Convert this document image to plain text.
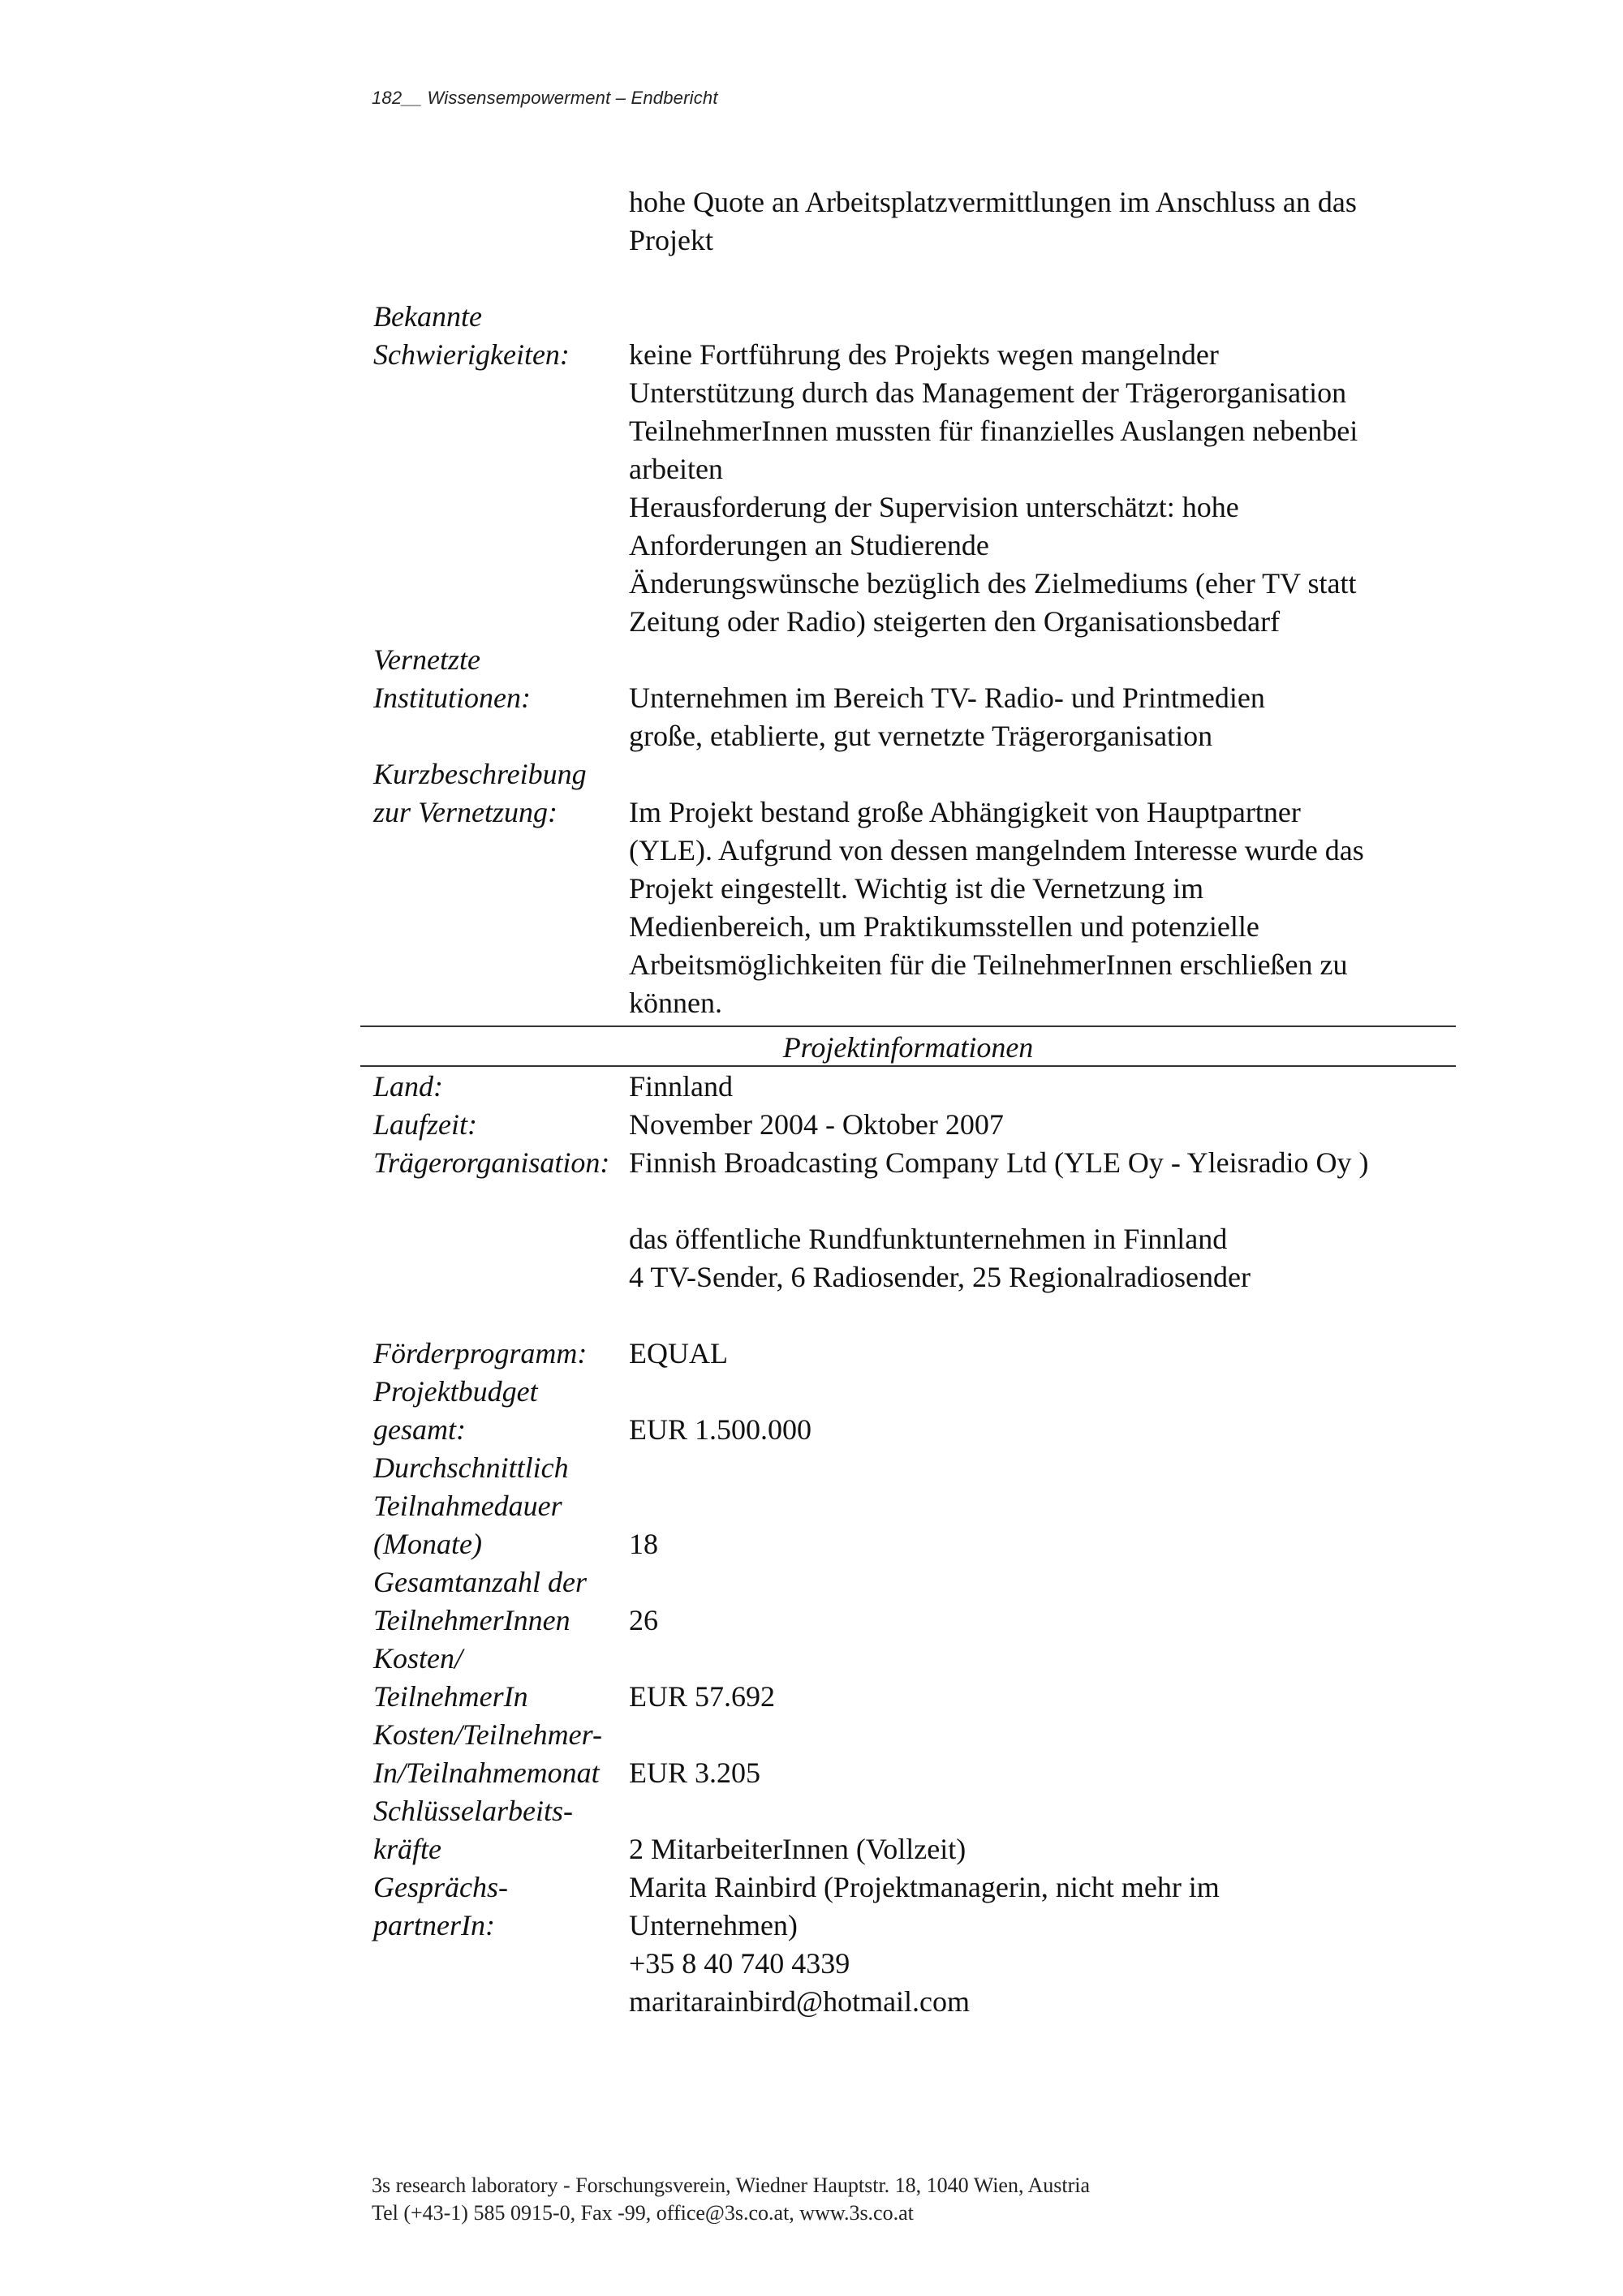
182__ Wissensempowerment – Endbericht
hohe Quote an Arbeitsplatzvermittlungen im Anschluss an das
Projekt
Bekannte
Schwierigkeiten: keine Fortführung des Projekts wegen mangelnder
Unterstützung durch das Management der Trägerorganisation
TeilnehmerInnen mussten für finanzielles Auslangen nebenbei
arbeiten
Herausforderung der Supervision unterschätzt: hohe
Anforderungen an Studierende
Änderungswünsche bezüglich des Zielmediums (eher TV statt
Zeitung oder Radio) steigerten den Organisationsbedarf
Vernetzte
Institutionen:	Unternehmen im Bereich TV- Radio- und Printmedien
große, etablierte, gut vernetzte Trägerorganisation
Kurzbeschreibung
zur Vernetzung:	Im Projekt bestand große Abhängigkeit von Hauptpartner
(YLE). Aufgrund von dessen mangelndem Interesse wurde das
Projekt eingestellt. Wichtig ist die Vernetzung im
Medienbereich, um Praktikumsstellen und potenzielle
Arbeitsmöglichkeiten für die TeilnehmerInnen erschließen zu
können.
Projektinformationen
Land:	Finnland
Laufzeit:	November 2004 - Oktober 2007
Trägerorganisation: Finnish Broadcasting Company Ltd (YLE Oy - Yleisradio Oy )
das öffentliche Rundfunktunternehmen in Finnland
4 TV-Sender, 6 Radiosender, 25 Regionalradiosender
Förderprogramm: EQUAL
Projektbudget
gesamt:	EUR 1.500.000
Durchschnittlich
Teilnahmedauer
(Monate)	18
Gesamtanzahl der
TeilnehmerInnen	26
Kosten/
TeilnehmerIn	EUR 57.692
Kosten/Teilnehmer-
In/Teilnahmemonat EUR 3.205
Schlüsselarbeits-
kräfte	2 MitarbeiterInnen (Vollzeit)
Gesprächs-
partnerIn:
Marita Rainbird (Projektmanagerin, nicht mehr im
Unternehmen)
+35 8 40 740 4339
maritarainbird@hotmail.com
3s research laboratory - Forschungsverein, Wiedner Hauptstr. 18, 1040 Wien, Austria
Tel (+43-1) 585 0915-0, Fax -99, office@3s.co.at, www.3s.co.at
